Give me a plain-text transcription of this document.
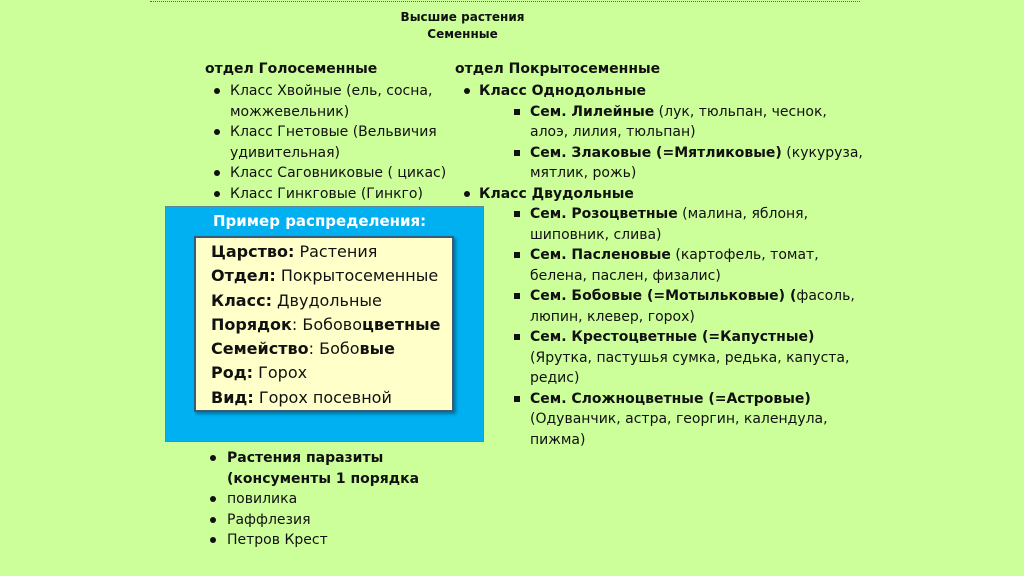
Высшие растения
Семенные
отдел Голосеменные
Класс Хвойные (ель, сосна, можжевельник)
Класс Гнетовые (Вельвичия удивительная)
Класс Саговниковые ( цикас)
Класс Гинкговые (Гинкго)
отдел Покрытосеменные
Класс Однодольные
Сем. Лилейные (лук, тюльпан, чеснок, алоэ, лилия, тюльпан)
Сем. Злаковые (=Мятликовые) (кукуруза, мятлик, рожь)
Класс Двудольные
Сем. Розоцветные (малина, яблоня, шиповник, слива)
Сем. Пасленовые (картофель, томат, белена, паслен, физалис)
Сем. Бобовые (=Мотыльковые) (фасоль, люпин, клевер, горох)
Сем. Крестоцветные (=Капустные) (Ярутка, пастушья сумка, редька, капуста, редис)
Сем. Сложноцветные (=Астровые) (Одуванчик, астра, георгин, календула, пижма)
Пример распределения:
Царство: Растения
Отдел: Покрытосеменные
Класс: Двудольные
Порядок: Бобовоцветные
Семейство: Бобовые
Род: Горох
Вид: Горох посевной
Растения паразиты (консументы 1 порядка
повилика
Раффлезия
Петров Крест
